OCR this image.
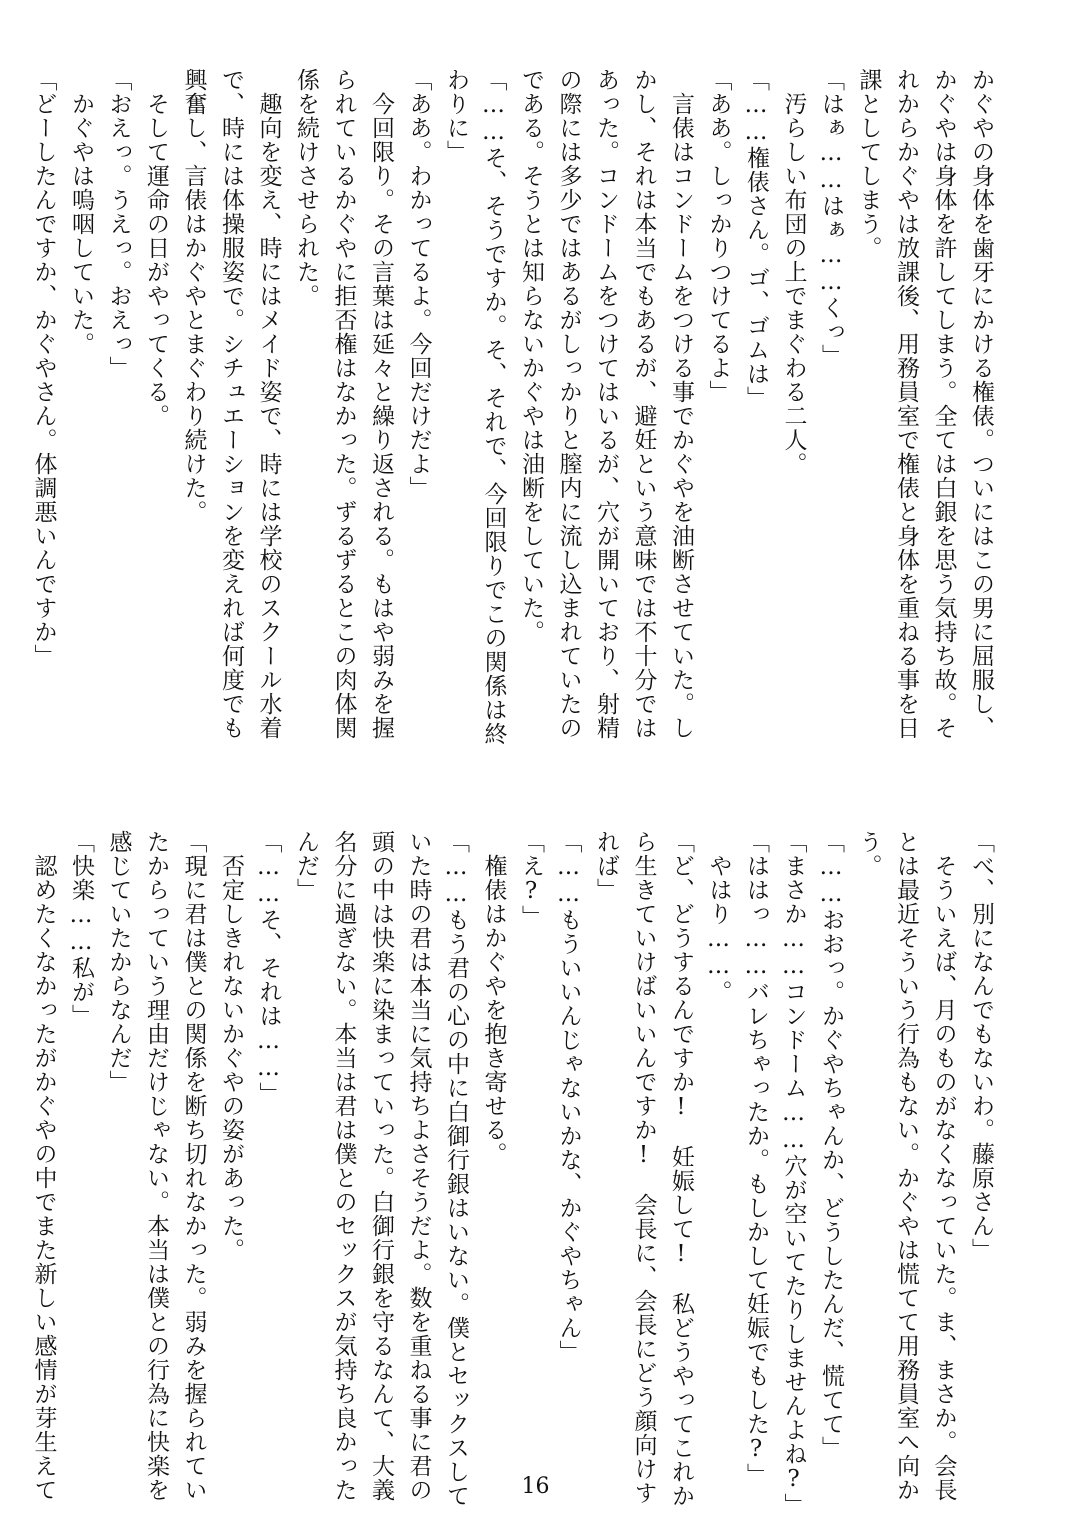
かぐやの身体を歯牙にかける権俵。ついにはこの男に屈服し、

かぐやは身体を許してしまう。全ては白銀を思う気持ち故。そ

れからかぐやは放課後、用務員室で権俵と身体を重ねる事を日

課としてしまう。

「はぁ……はぁ……くっ」

　汚らしい布団の上でまぐわる二人。

「……権俵さん。ゴ、ゴムは」

「ああ。しっかりつけてるよ」

　言俵はコンドームをつける事でかぐやを油断させていた。し

かし、それは本当でもあるが、避妊という意味では不十分では

あった。コンドームをつけてはいるが、穴が開いており、射精

の際には多少ではあるがしっかりと膣内に流し込まれていたの

である。そうとは知らないかぐやは油断をしていた。

「……そ、そうですか。そ、それで、今回限りでこの関係は終

わりに」

「ああ。わかってるよ。今回だけだよ」

　今回限り。その言葉は延々と繰り返される。もはや弱みを握

られているかぐやに拒否権はなかった。ずるずるとこの肉体関

係を続けさせられた。

　趣向を変え、時にはメイド姿で、時には学校のスクール水着

で、時には体操服姿で。シチュエーションを変えれば何度でも

興奮し、言俵はかぐやとまぐわり続けた。

　そして運命の日がやってくる。

「おえっ。うえっ。おえっ」

　かぐやは嗚咽していた。

「どーしたんですか、かぐやさん。体調悪いんですか」

「べ、別になんでもないわ。藤原さん」

　そういえば、月のものがなくなっていた。ま、まさか。会長

とは最近そういう行為もない。かぐやは慌てて用務員室へ向か

う。

「……おおっ。かぐやちゃんか、どうしたんだ、慌てて」

「まさか……コンドーム……穴が空いてたりしませんよね?」

「ははっ……バレちゃったか。もしかして妊娠でもした?」

　やはり……。

「ど、どうするんですか!　妊娠して!　私どうやってこれか

ら生きていけばいいんですか!　会長に、会長にどう顔向けす

れば」

「……もういいんじゃないかな、かぐやちゃん」

「え?」

　権俵はかぐやを抱き寄せる。

「……もう君の心の中に白御行銀はいない。僕とセックスして

いた時の君は本当に気持ちよさそうだよ。数を重ねる事に君の

頭の中は快楽に染まっていった。白御行銀を守るなんて、大義

名分に過ぎない。本当は君は僕とのセックスが気持ち良かった

んだ」

「……そ、それは……」

　否定しきれないかぐやの姿があった。

「現に君は僕との関係を断ち切れなかった。弱みを握られてい

たからっていう理由だけじゃない。本当は僕との行為に快楽を

感じていたからなんだ」

「快楽……私が」

　認めたくなかったがかぐやの中でまた新しい感情が芽生えて	16
